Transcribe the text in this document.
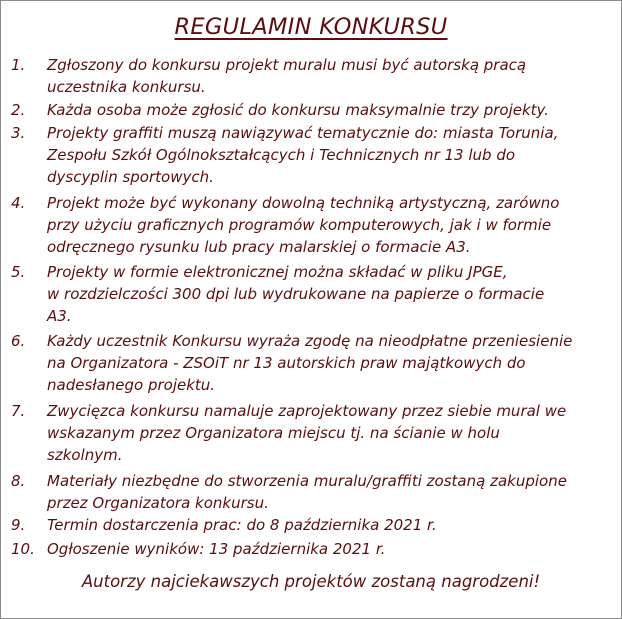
REGULAMIN KONKURSU
1. Zgłoszony do konkursu projekt muralu musi być autorską pracą
uczestnika konkursu.
2. Każda osoba może zgłosić do konkursu maksymalnie trzy projekty.
3. Projekty graffiti muszą nawiązywać tematycznie do: miasta Torunia,
Zespołu Szkół Ogólnokształcących i Technicznych nr 13 lub do
dyscyplin sportowych.
4. Projekt może być wykonany dowolną techniką artystyczną, zarówno
przy użyciu graficznych programów komputerowych, jak i w formie
odręcznego rysunku lub pracy malarskiej o formacie A3.
5. Projekty w formie elektronicznej można składać w pliku JPGE,
w rozdzielczości 300 dpi lub wydrukowane na papierze o formacie
A3.
6. Każdy uczestnik Konkursu wyraża zgodę na nieodpłatne przeniesienie
na Organizatora - ZSOiT nr 13 autorskich praw majątkowych do
nadesłanego projektu.
7. Zwycięzca konkursu namaluje zaprojektowany przez siebie mural we
wskazanym przez Organizatora miejscu tj. na ścianie w holu
szkolnym.
8. Materiały niezbędne do stworzenia muralu/graffiti zostaną zakupione
przez Organizatora konkursu.
9. Termin dostarczenia prac: do 8 października 2021 r.
10. Ogłoszenie wyników: 13 października 2021 r.
Autorzy najciekawszych projektów zostaną nagrodzeni!
